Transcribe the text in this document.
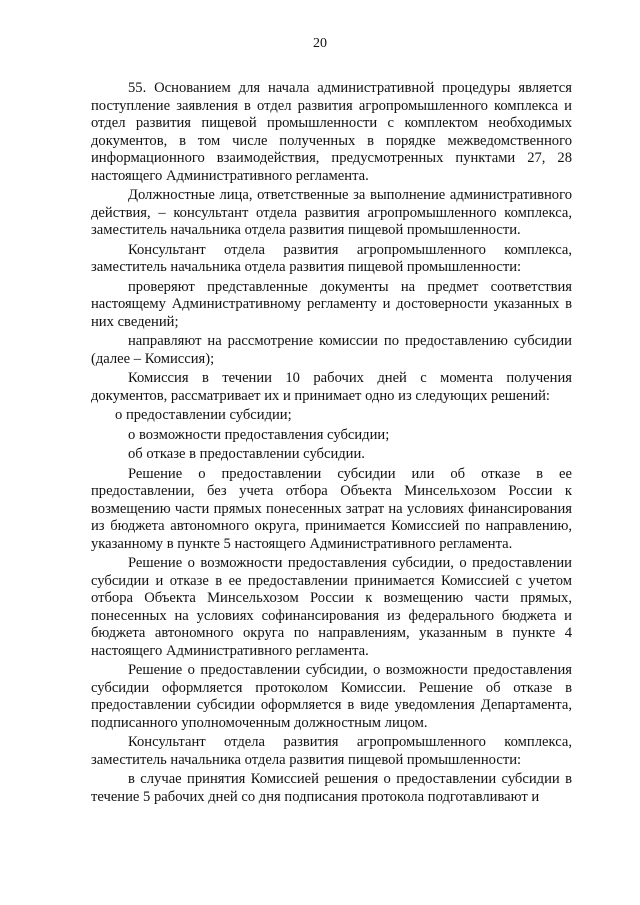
20

55. Основанием для начала административной процедуры является поступление заявления в отдел развития агропромышленного комплекса и отдел развития пищевой промышленности с комплектом необходимых документов, в том числе полученных в порядке межведомственного информационного взаимодействия, предусмотренных пунктами 27, 28 настоящего Административного регламента.

Должностные лица, ответственные за выполнение административного действия, – консультант отдела развития агропромышленного комплекса, заместитель начальника отдела развития пищевой промышленности.

Консультант отдела развития агропромышленного комплекса, заместитель начальника отдела развития пищевой промышленности:

проверяют представленные документы на предмет соответствия настоящему Административному регламенту и достоверности указанных в них сведений;

направляют на рассмотрение комиссии по предоставлению субсидии (далее – Комиссия);

Комиссия в течении 10 рабочих дней с момента получения документов, рассматривает их и принимает одно из следующих решений:

о предоставлении субсидии;

о возможности предоставления субсидии;

об отказе в предоставлении субсидии.

Решение о предоставлении субсидии или об отказе в ее предоставлении, без учета отбора Объекта Минсельхозом России к возмещению части прямых понесенных затрат на условиях финансирования из бюджета автономного округа, принимается Комиссией по направлению, указанному в пункте 5 настоящего Административного регламента.

Решение о возможности предоставления субсидии, о предоставлении субсидии и отказе в ее предоставлении принимается Комиссией с учетом отбора Объекта Минсельхозом России к возмещению части прямых, понесенных на условиях софинансирования из федерального бюджета и бюджета автономного округа по направлениям, указанным в пункте 4 настоящего Административного регламента.

Решение о предоставлении субсидии, о возможности предоставления субсидии оформляется протоколом Комиссии. Решение об отказе в предоставлении субсидии оформляется в виде уведомления Департамента, подписанного уполномоченным должностным лицом.

Консультант отдела развития агропромышленного комплекса, заместитель начальника отдела развития пищевой промышленности:

в случае принятия Комиссией решения о предоставлении субсидии в течение 5 рабочих дней со дня подписания протокола подготавливают и
